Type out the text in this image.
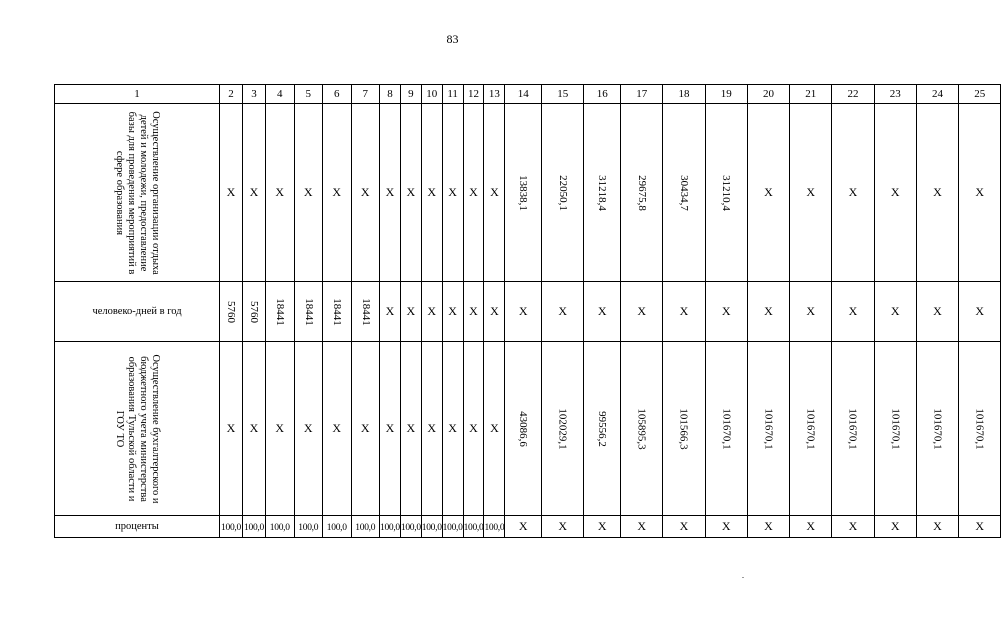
83
1	2	3	4	5	6	7	8	9	10	11	12	13	14	15	16	17	18	19	20	21	22	23	24	25
Осуществление организации отдыха детей и молодежи, предоставление базы для проведения мероприятий в сфере образования	Х	Х	Х	Х	Х	Х	Х	Х	Х	Х	Х	Х	13838,1	22050,1	31218,4	29675,8	30434,7	31210,4	Х	Х	Х	Х	Х	Х
человеко-дней в год	5760	5760	18441	18441	18441	18441	Х	Х	Х	Х	Х	Х	Х	Х	Х	Х	Х	Х	Х	Х	Х	Х	Х	Х
Осуществление бухгалтерского и бюджетного учета министерства образования Тульской области и ГОУ ТО	Х	Х	Х	Х	Х	Х	Х	Х	Х	Х	Х	Х	43086,6	102029,1	99556,2	105895,3	101566,3	101670,1	101670,1	101670,1	101670,1	101670,1	101670,1	101670,1
проценты	100,0	100,0	100,0	100,0	100,0	100,0	100,0	100,0	100,0	100,0	100,0	100,0	Х	Х	Х	Х	Х	Х	Х	Х	Х	Х	Х	Х
